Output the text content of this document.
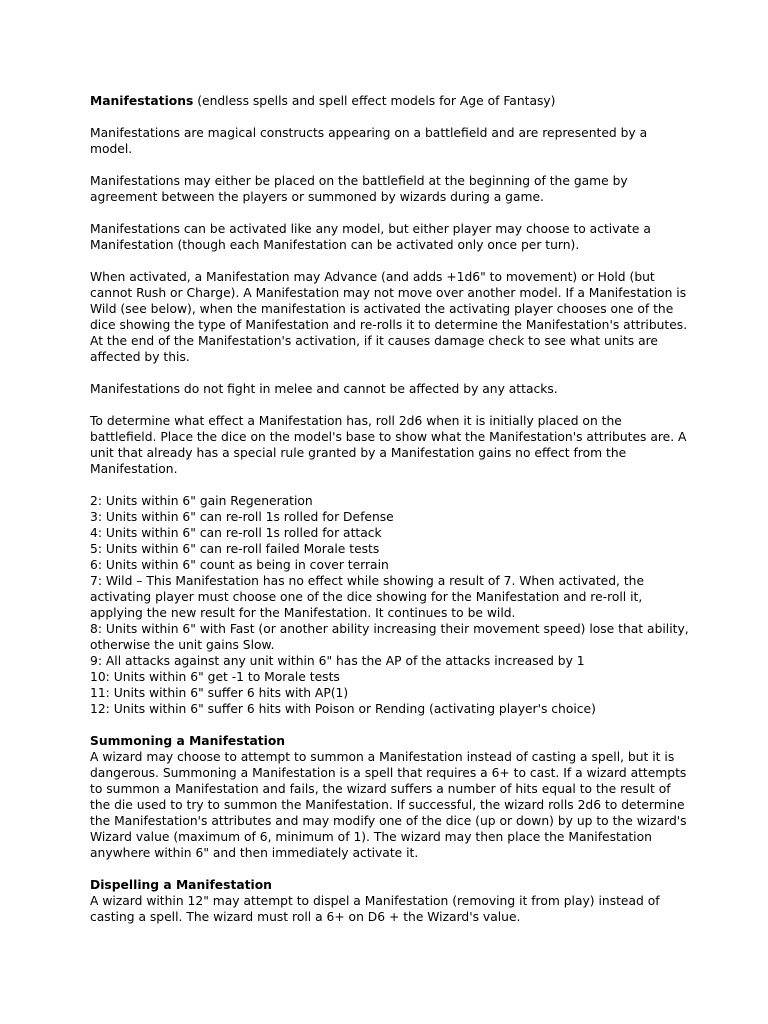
Manifestations (endless spells and spell effect models for Age of Fantasy)

Manifestations are magical constructs appearing on a battlefield and are represented by a model.

Manifestations may either be placed on the battlefield at the beginning of the game by agreement between the players or summoned by wizards during a game.

Manifestations can be activated like any model, but either player may choose to activate a Manifestation (though each Manifestation can be activated only once per turn).

When activated, a Manifestation may Advance (and adds +1d6" to movement) or Hold (but cannot Rush or Charge). A Manifestation may not move over another model. If a Manifestation is Wild (see below), when the manifestation is activated the activating player chooses one of the dice showing the type of Manifestation and re-rolls it to determine the Manifestation's attributes. At the end of the Manifestation's activation, if it causes damage check to see what units are affected by this.

Manifestations do not fight in melee and cannot be affected by any attacks.

To determine what effect a Manifestation has, roll 2d6 when it is initially placed on the battlefield. Place the dice on the model's base to show what the Manifestation's attributes are. A unit that already has a special rule granted by a Manifestation gains no effect from the Manifestation.

2: Units within 6" gain Regeneration
3: Units within 6" can re-roll 1s rolled for Defense
4: Units within 6" can re-roll 1s rolled for attack
5: Units within 6" can re-roll failed Morale tests
6: Units within 6" count as being in cover terrain
7: Wild – This Manifestation has no effect while showing a result of 7. When activated, the activating player must choose one of the dice showing for the Manifestation and re-roll it, applying the new result for the Manifestation. It continues to be wild.
8: Units within 6" with Fast (or another ability increasing their movement speed) lose that ability, otherwise the unit gains Slow.
9: All attacks against any unit within 6" has the AP of the attacks increased by 1
10: Units within 6" get -1 to Morale tests
11: Units within 6" suffer 6 hits with AP(1)
12: Units within 6" suffer 6 hits with Poison or Rending (activating player's choice)
Summoning a Manifestation

A wizard may choose to attempt to summon a Manifestation instead of casting a spell, but it is dangerous. Summoning a Manifestation is a spell that requires a 6+ to cast. If a wizard attempts to summon a Manifestation and fails, the wizard suffers a number of hits equal to the result of the die used to try to summon the Manifestation. If successful, the wizard rolls 2d6 to determine the Manifestation's attributes and may modify one of the dice (up or down) by up to the wizard's Wizard value (maximum of 6, minimum of 1). The wizard may then place the Manifestation anywhere within 6" and then immediately activate it.

Dispelling a Manifestation

A wizard within 12" may attempt to dispel a Manifestation (removing it from play) instead of casting a spell. The wizard must roll a 6+ on D6 + the Wizard's value.
